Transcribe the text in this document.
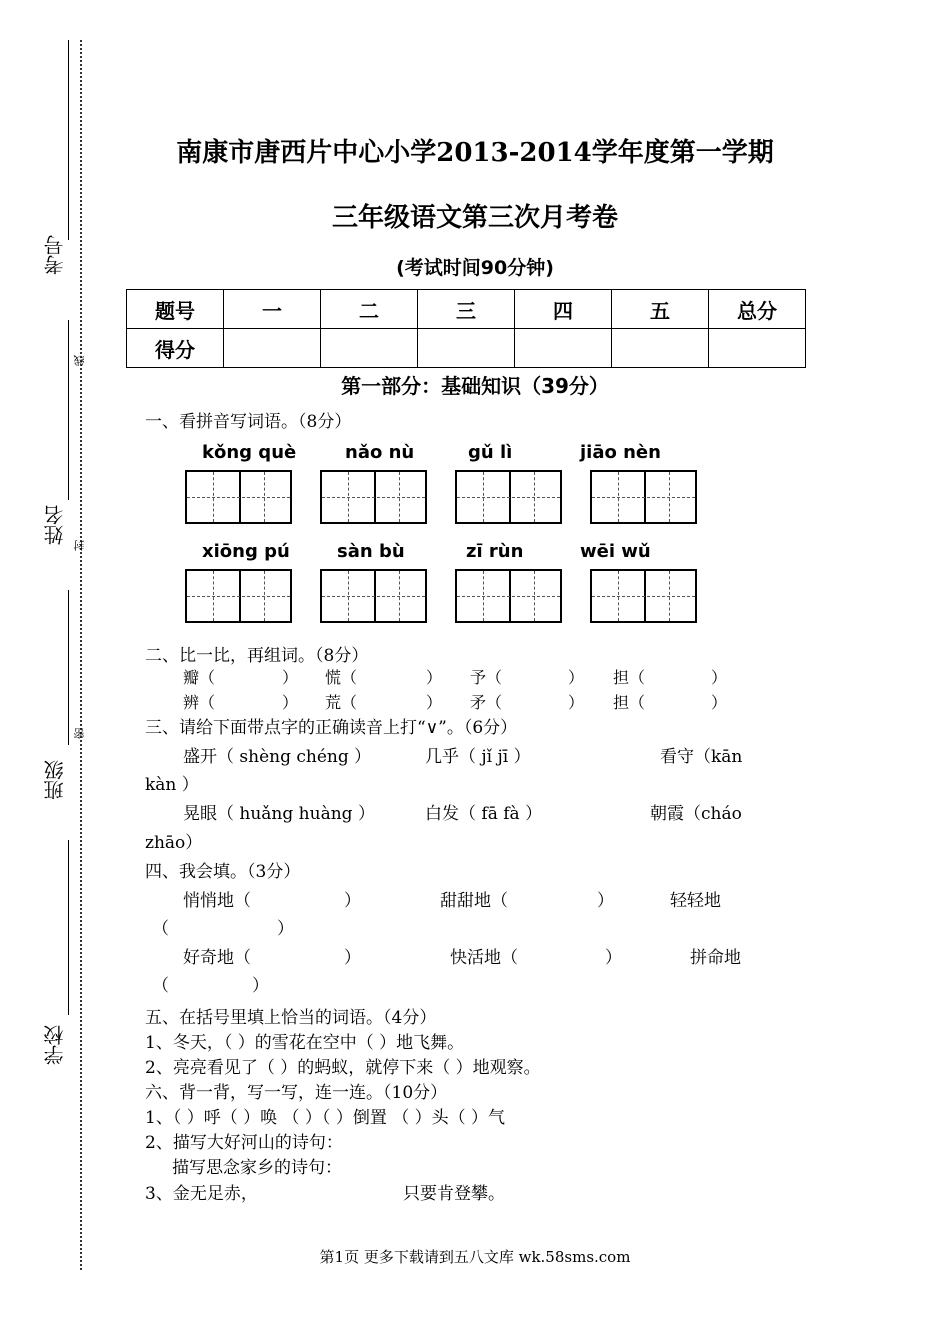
考号
线
姓名
封
密
班级
学校
南康市唐西片中心小学2013-2014学年度第一学期
三年级语文第三次月考卷
(考试时间90分钟)
题号	一	二	三	四	五	总分
得分						
第一部分：基础知识（39分）
一、看拼音写词语。（8分）
kǒng què	nǎo nù	gǔ lì	jiāo nèn
xiōng pú	sàn bù	zī rùn	wēi wǔ
二、比一比，再组词。（8分）
瓣（	） 慌（	） 予（	） 担（	）
辨（	） 荒（	） 矛（	） 担（	）
三、请给下面带点字的正确读音上打“∨”。（6分）
盛开（ shèng chéng ）	几乎（ jǐ jī ）	看守（kān
kàn ）
晃眼（ huǎng huàng ）	白发（ fā fà ）	朝霞（cháo
zhāo）
四、我会填。（3分）
悄悄地（	）	甜甜地（	）	轻轻地
（	）
好奇地（	）	快活地（	）	拼命地
（	）
五、在括号里填上恰当的词语。（4分）
1、冬天，（ ）的雪花在空中（ ）地飞舞。
2、亮亮看见了（ ）的蚂蚁，就停下来（ ）地观察。
六、背一背，写一写，连一连。（10分）
1、（ ）呼（ ）唤 （ ）（ ）倒置 （ ）头（ ）气
2、描写大好河山的诗句：
描写思念家乡的诗句：
3、金无足赤，	只要肯登攀。
第1页 更多下载请到五八文库 wk.58sms.com
